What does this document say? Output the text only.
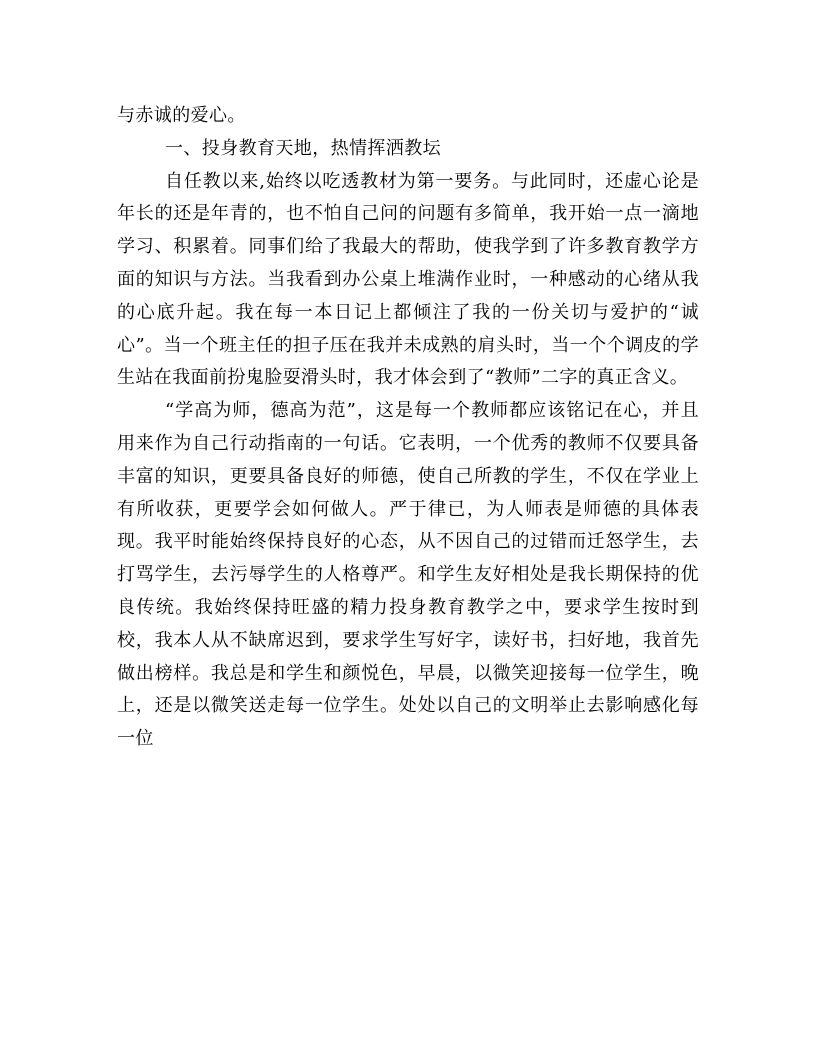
与赤诚的爱心。

一、投身教育天地，热情挥洒教坛

自任教以来,始终以吃透教材为第一要务。与此同时，还虚心论是年长的还是年青的，也不怕自己问的问题有多简单，我开始一点一滴地学习、积累着。同事们给了我最大的帮助，使我学到了许多教育教学方面的知识与方法。当我看到办公桌上堆满作业时，一种感动的心绪从我的心底升起。我在每一本日记上都倾注了我的一份关切与爱护的“诚心”。当一个班主任的担子压在我并未成熟的肩头时，当一个个调皮的学生站在我面前扮鬼脸耍滑头时，我才体会到了“教师”二字的真正含义。

“学高为师，德高为范”，这是每一个教师都应该铭记在心，并且用来作为自己行动指南的一句话。它表明，一个优秀的教师不仅要具备丰富的知识，更要具备良好的师德，使自己所教的学生，不仅在学业上有所收获，更要学会如何做人。严于律已，为人师表是师德的具体表现。我平时能始终保持良好的心态，从不因自己的过错而迁怒学生，去打骂学生，去污辱学生的人格尊严。和学生友好相处是我长期保持的优良传统。我始终保持旺盛的精力投身教育教学之中，要求学生按时到校，我本人从不缺席迟到，要求学生写好字，读好书，扫好地，我首先做出榜样。我总是和学生和颜悦色，早晨，以微笑迎接每一位学生，晚上，还是以微笑送走每一位学生。处处以自己的文明举止去影响感化每一位
